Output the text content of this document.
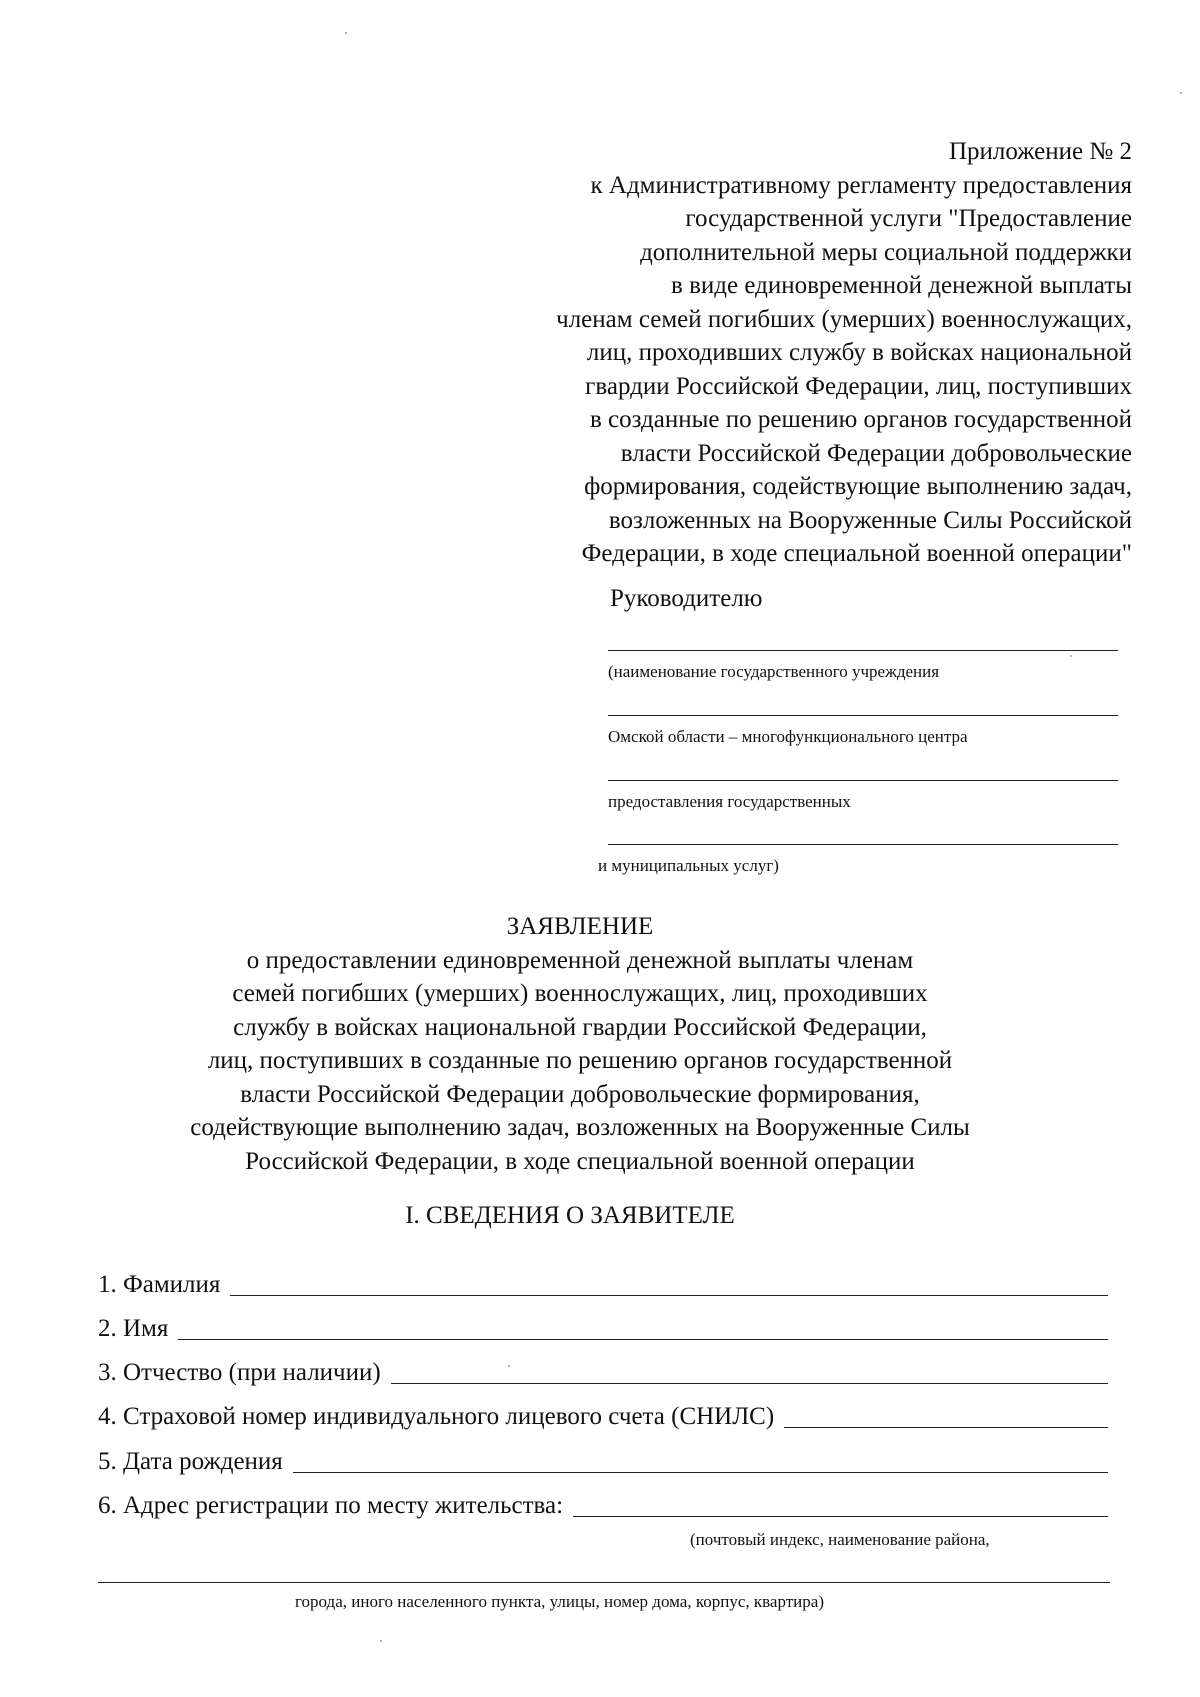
Приложение № 2
к Административному регламенту предоставления
государственной услуги "Предоставление
дополнительной меры социальной поддержки
в виде единовременной денежной выплаты
членам семей погибших (умерших) военнослужащих,
лиц, проходивших службу в войсках национальной
гвардии Российской Федерации, лиц, поступивших
в созданные по решению органов государственной
власти Российской Федерации добровольческие
формирования, содействующие выполнению задач,
возложенных на Вооруженные Силы Российской
Федерации, в ходе специальной военной операции"
Руководителю
(наименование государственного учреждения
Омской области – многофункционального центра
предоставления государственных
и муниципальных услуг)
ЗАЯВЛЕНИЕ
о предоставлении единовременной денежной выплаты членам
семей погибших (умерших) военнослужащих, лиц, проходивших
службу в войсках национальной гвардии Российской Федерации,
лиц, поступивших в созданные по решению органов государственной
власти Российской Федерации добровольческие формирования,
содействующие выполнению задач, возложенных на Вооруженные Силы
Российской Федерации, в ходе специальной военной операции
I. СВЕДЕНИЯ О ЗАЯВИТЕЛЕ
1. Фамилия
2. Имя
3. Отчество (при наличии)
4. Страховой номер индивидуального лицевого счета (СНИЛС)
5. Дата рождения
6. Адрес регистрации по месту жительства:
(почтовый индекс, наименование района,
города, иного населенного пункта, улицы, номер дома, корпус, квартира)
